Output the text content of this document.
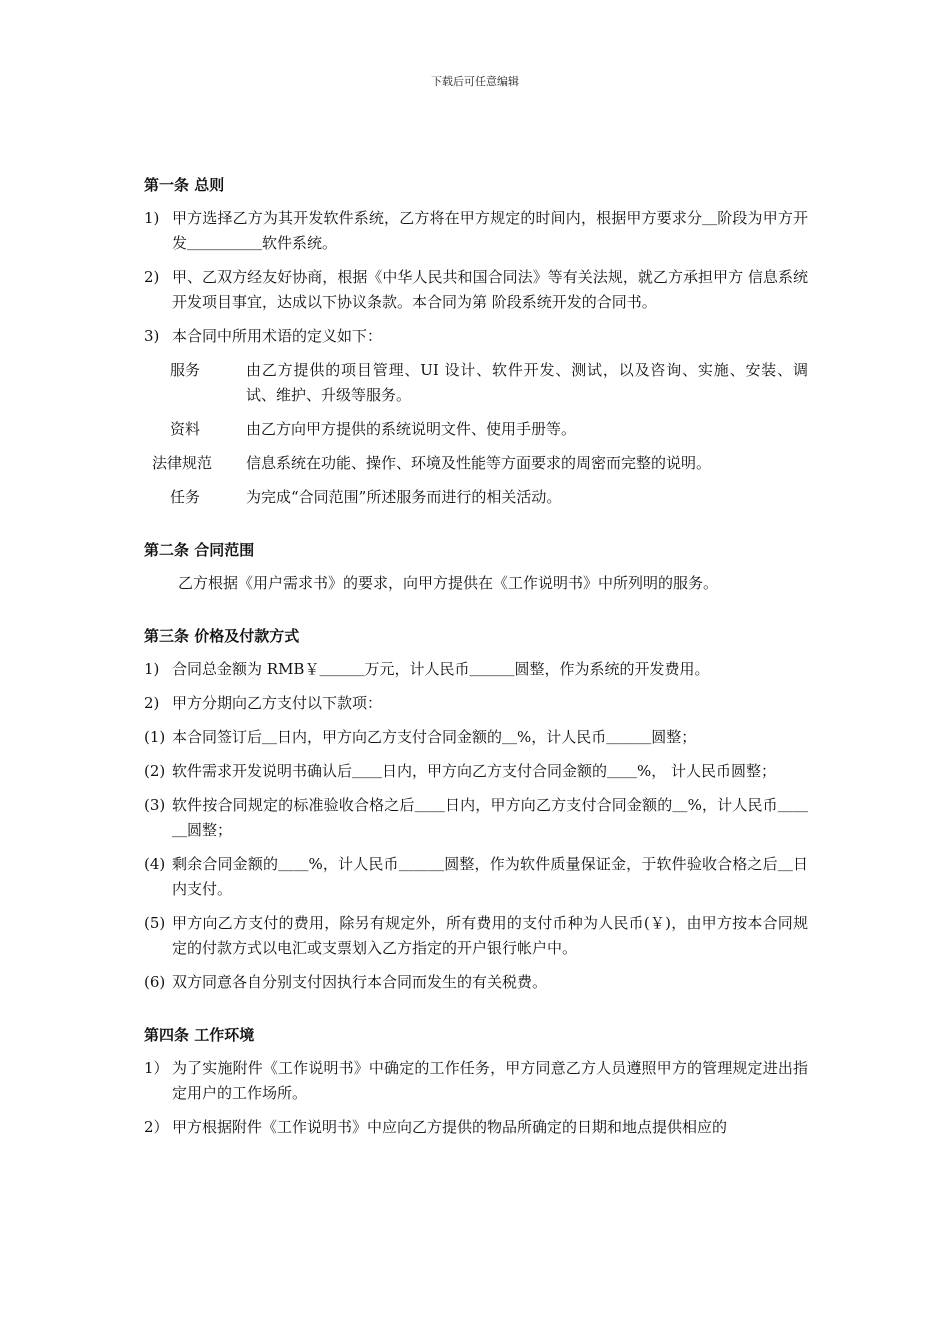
下载后可任意编辑

第一条 总则

1) 甲方选择乙方为其开发软件系统，乙方将在甲方规定的时间内，根据甲方要求分＿阶段为甲方开发＿＿＿＿＿软件系统。
2) 甲、乙双方经友好协商，根据《中华人民共和国合同法》等有关法规，就乙方承担甲方 信息系统开发项目事宜，达成以下协议条款。本合同为第 阶段系统开发的合同书。
3) 本合同中所用术语的定义如下：
服务	由乙方提供的项目管理、UI 设计、软件开发、测试，以及咨询、实施、安装、调试、维护、升级等服务。
资料	由乙方向甲方提供的系统说明文件、使用手册等。
法律规范	信息系统在功能、操作、环境及性能等方面要求的周密而完整的说明。
任务	为完成“合同范围”所述服务而进行的相关活动。

第二条 合同范围

乙方根据《用户需求书》的要求，向甲方提供在《工作说明书》中所列明的服务。

第三条 价格及付款方式

1) 合同总金额为 RMB￥＿＿＿万元，计人民币＿＿＿圆整，作为系统的开发费用。
2) 甲方分期向乙方支付以下款项：
(1) 本合同签订后＿日内，甲方向乙方支付合同金额的＿%，计人民币＿＿＿圆整；
(2) 软件需求开发说明书确认后＿＿日内，甲方向乙方支付合同金额的＿＿%， 计人民币圆整；
(3) 软件按合同规定的标准验收合格之后＿＿日内，甲方向乙方支付合同金额的＿%，计人民币＿＿＿圆整；
(4) 剩余合同金额的＿＿%，计人民币＿＿＿圆整，作为软件质量保证金，于软件验收合格之后＿日内支付。
(5) 甲方向乙方支付的费用，除另有规定外，所有费用的支付币种为人民币(￥)，由甲方按本合同规定的付款方式以电汇或支票划入乙方指定的开户银行帐户中。
(6) 双方同意各自分别支付因执行本合同而发生的有关税费。

第四条 工作环境

1） 为了实施附件《工作说明书》中确定的工作任务，甲方同意乙方人员遵照甲方的管理规定进出指定用户的工作场所。
2） 甲方根据附件《工作说明书》中应向乙方提供的物品所确定的日期和地点提供相应的
